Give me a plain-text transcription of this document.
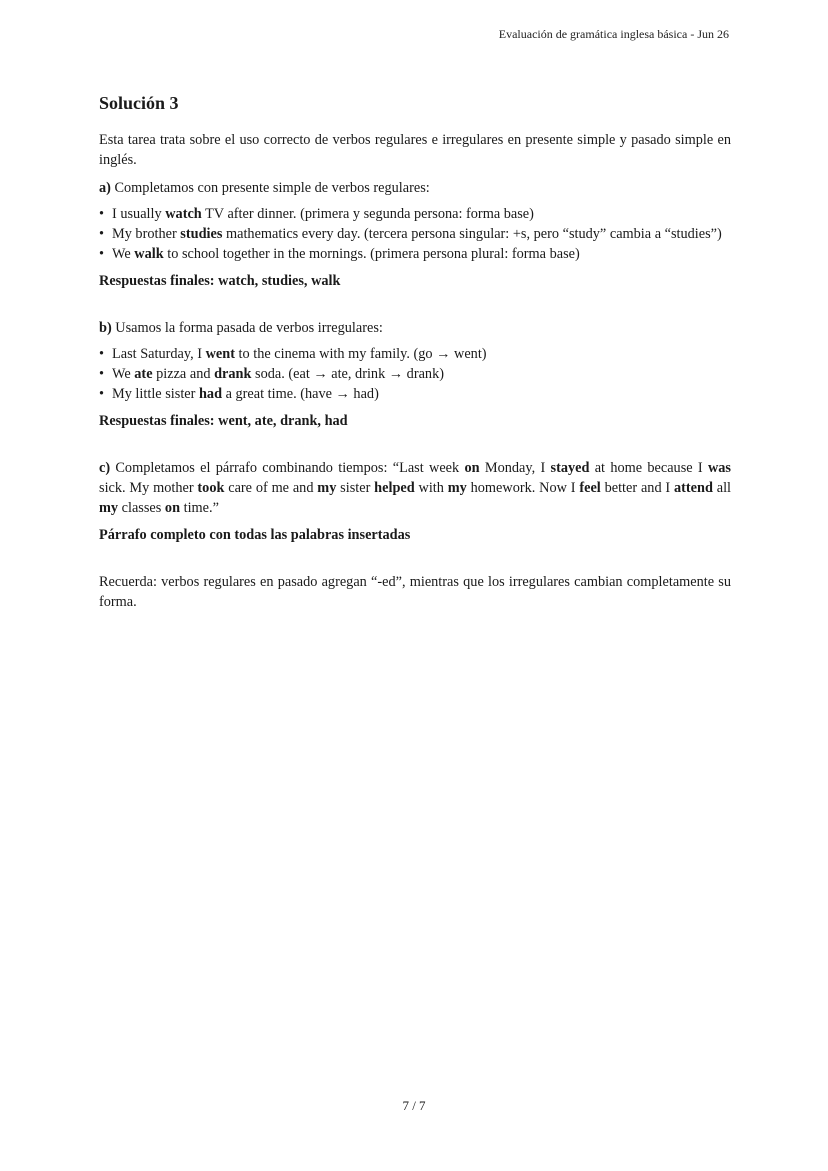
Evaluación de gramática inglesa básica - Jun 26
Solución 3

Esta tarea trata sobre el uso correcto de verbos regulares e irregulares en presente simple y pasado simple en inglés.

a) Completamos con presente simple de verbos regulares:

• I usually watch TV after dinner. (primera y segunda persona: forma base)
• My brother studies mathematics every day. (tercera persona singular: +s, pero “study” cambia a “studies”)
• We walk to school together in the mornings. (primera persona plural: forma base)

Respuestas finales: watch, studies, walk

b) Usamos la forma pasada de verbos irregulares:

• Last Saturday, I went to the cinema with my family. (go → went)
• We ate pizza and drank soda. (eat → ate, drink → drank)
• My little sister had a great time. (have → had)

Respuestas finales: went, ate, drank, had

c) Completamos el párrafo combinando tiempos: “Last week on Monday, I stayed at home because I was sick. My mother took care of me and my sister helped with my homework. Now I feel better and I attend all my classes on time.”

Párrafo completo con todas las palabras insertadas

Recuerda: verbos regulares en pasado agregan “-ed”, mientras que los irregulares cambian completamente su forma.

7 / 7
